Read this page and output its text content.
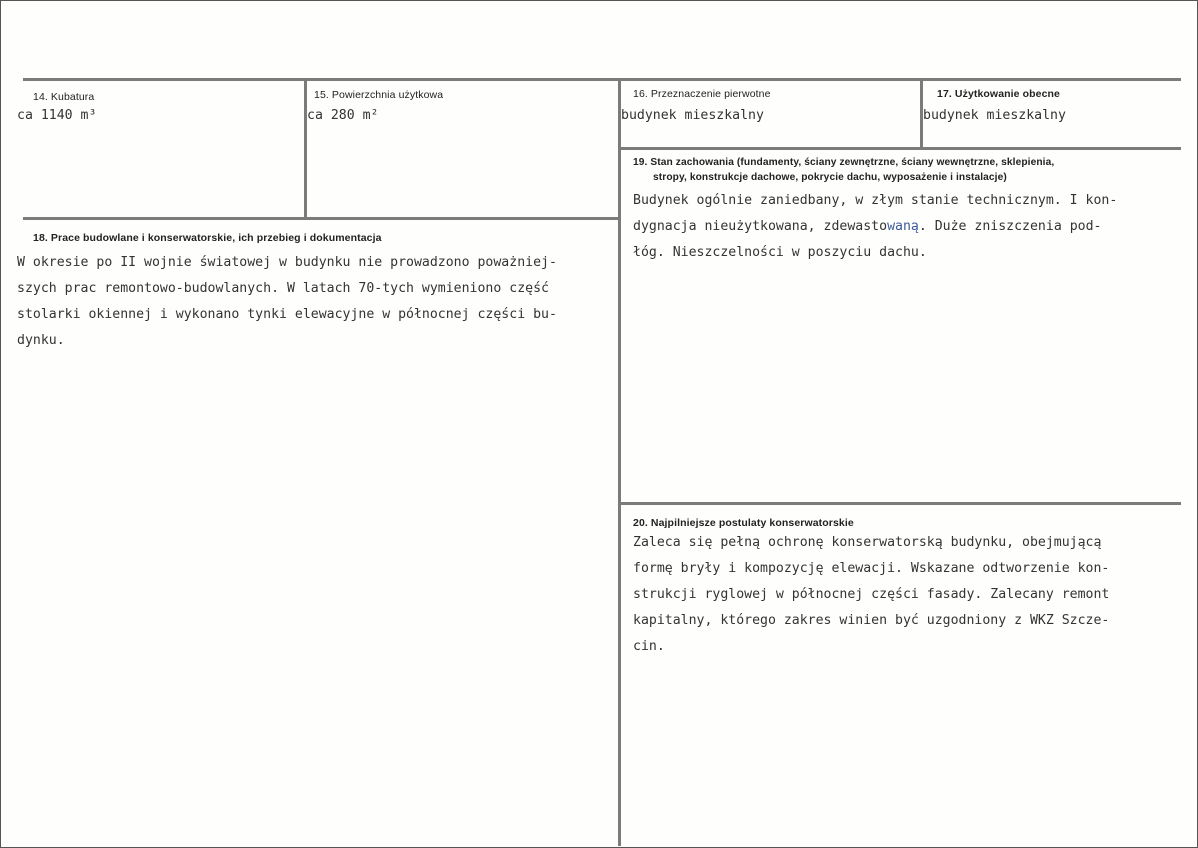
14. Kubatura
ca 1140 m³
15. Powierzchnia użytkowa
ca 280 m²
16. Przeznaczenie pierwotne
budynek mieszkalny
17. Użytkowanie obecne
budynek mieszkalny
18. Prace budowlane i konserwatorskie, ich przebieg i dokumentacja
W okresie po II wojnie światowej w budynku nie prowadzono poważniej-
szych prac remontowo-budowlanych. W latach 70-tych wymieniono część
stolarki okiennej i wykonano tynki elewacyjne w północnej części bu-
dynku.
19. Stan zachowania (fundamenty, ściany zewnętrzne, ściany wewnętrzne, sklepienia,
stropy, konstrukcje dachowe, pokrycie dachu, wyposażenie i instalacje)
Budynek ogólnie zaniedbany, w złym stanie technicznym. I kon-
dygnacja nieużytkowana, zdewastowaną. Duże zniszczenia pod-
łóg. Nieszczelności w poszyciu dachu.
20. Najpilniejsze postulaty konserwatorskie
Zaleca się pełną ochronę konserwatorską budynku, obejmującą
formę bryły i kompozycję elewacji. Wskazane odtworzenie kon-
strukcji ryglowej w północnej części fasady. Zalecany remont
kapitalny, którego zakres winien być uzgodniony z WKZ Szcze-
cin.
